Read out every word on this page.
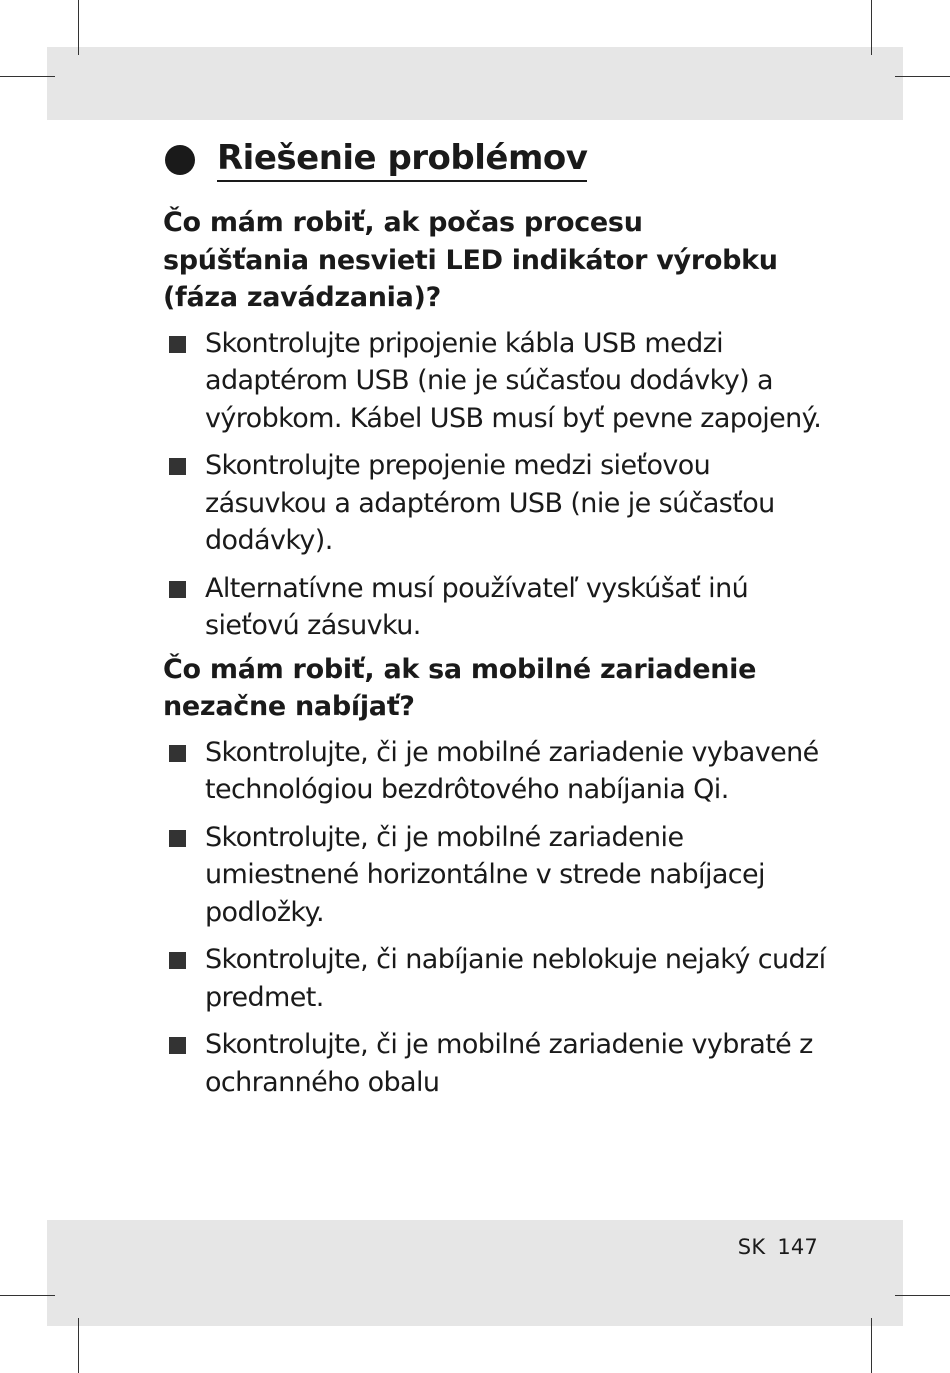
Riešenie problémov
Čo mám robiť, ak počas procesu
spúšťania nesvieti LED indikátor výrobku
(fáza zavádzania)?
Skontrolujte pripojenie kábla USB medzi
adaptérom USB (nie je súčasťou dodávky) a
výrobkom. Kábel USB musí byť pevne zapojený.
Skontrolujte prepojenie medzi sieťovou
zásuvkou a adaptérom USB (nie je súčasťou
dodávky).
Alternatívne musí používateľ vyskúšať inú
sieťovú zásuvku.
Čo mám robiť, ak sa mobilné zariadenie
nezačne nabíjať?
Skontrolujte, či je mobilné zariadenie vybavené
technológiou bezdrôtového nabíjania Qi.
Skontrolujte, či je mobilné zariadenie
umiestnené horizontálne v strede nabíjacej
podložky.
Skontrolujte, či nabíjanie neblokuje nejaký cudzí
predmet.
Skontrolujte, či je mobilné zariadenie vybraté z
ochranného obalu
SK 147
